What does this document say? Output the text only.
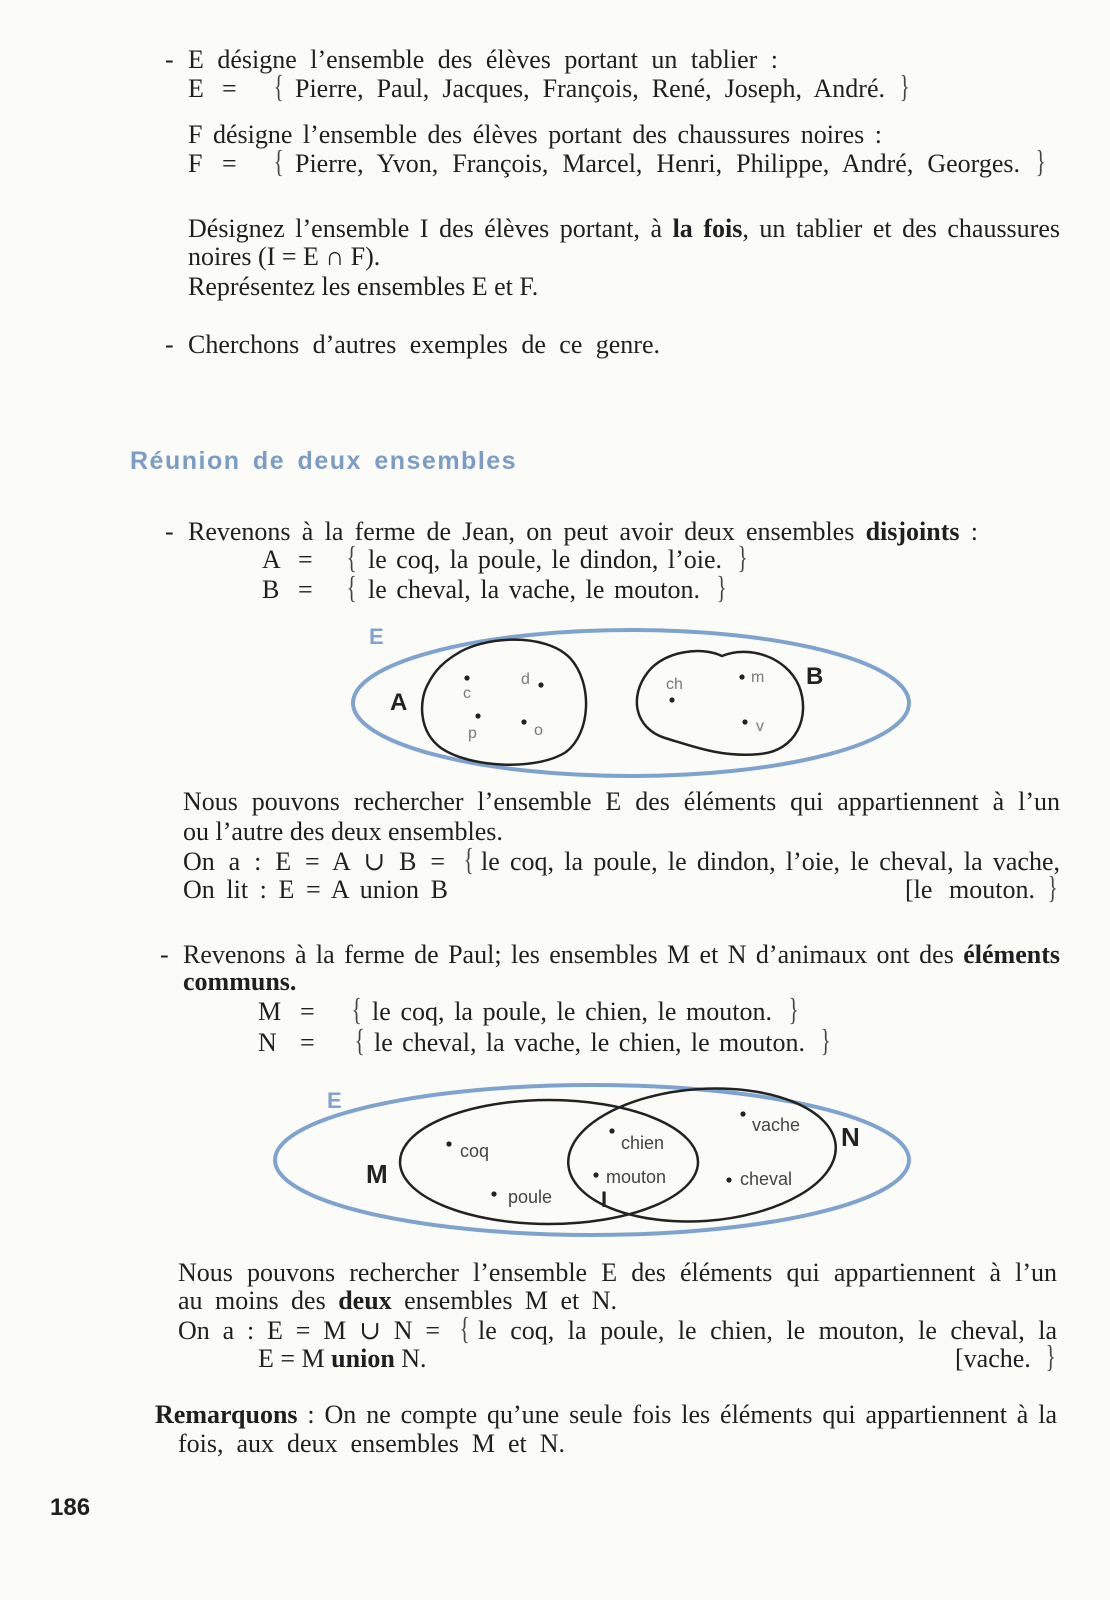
- E désigne l’ensemble des élèves portant un tablier :
E = { Pierre, Paul, Jacques, François, René, Joseph, André. }
F désigne l’ensemble des élèves portant des chaussures noires :
F = { Pierre, Yvon, François, Marcel, Henri, Philippe, André, Georges. }
Désignez l’ensemble I des élèves portant, à la fois, un tablier et des chaussures
noires (I = E ∩ F).
Représentez les ensembles E et F.
- Cherchons d’autres exemples de ce genre.
Réunion de deux ensembles
- Revenons à la ferme de Jean, on peut avoir deux ensembles disjoints :
A = { le coq, la poule, le dindon, l’oie. }
B = { le cheval, la vache, le mouton. }
E
A
B
c
d
p	o
ch	m
v
Nous pouvons rechercher l’ensemble E des éléments qui appartiennent à l’un
ou l’autre des deux ensembles.
On a : E = A ∪ B = { le coq, la poule, le dindon, l’oie, le cheval, la vache,
On lit : E = A union B	[le mouton. }
- Revenons à la ferme de Paul; les ensembles M et N d’animaux ont des éléments
communs.
M = { le coq, la poule, le chien, le mouton. }
N = { le cheval, la vache, le chien, le mouton. }
E
M
N
I
coq	chien
vache
mouton	cheval
poule
Nous pouvons rechercher l’ensemble E des éléments qui appartiennent à l’un
au moins des deux ensembles M et N.
On a : E = M ∪ N = { le coq, la poule, le chien, le mouton, le cheval, la
E = M union N.	[vache. }
Remarquons : On ne compte qu’une seule fois les éléments qui appartiennent à la
fois, aux deux ensembles M et N.
186
